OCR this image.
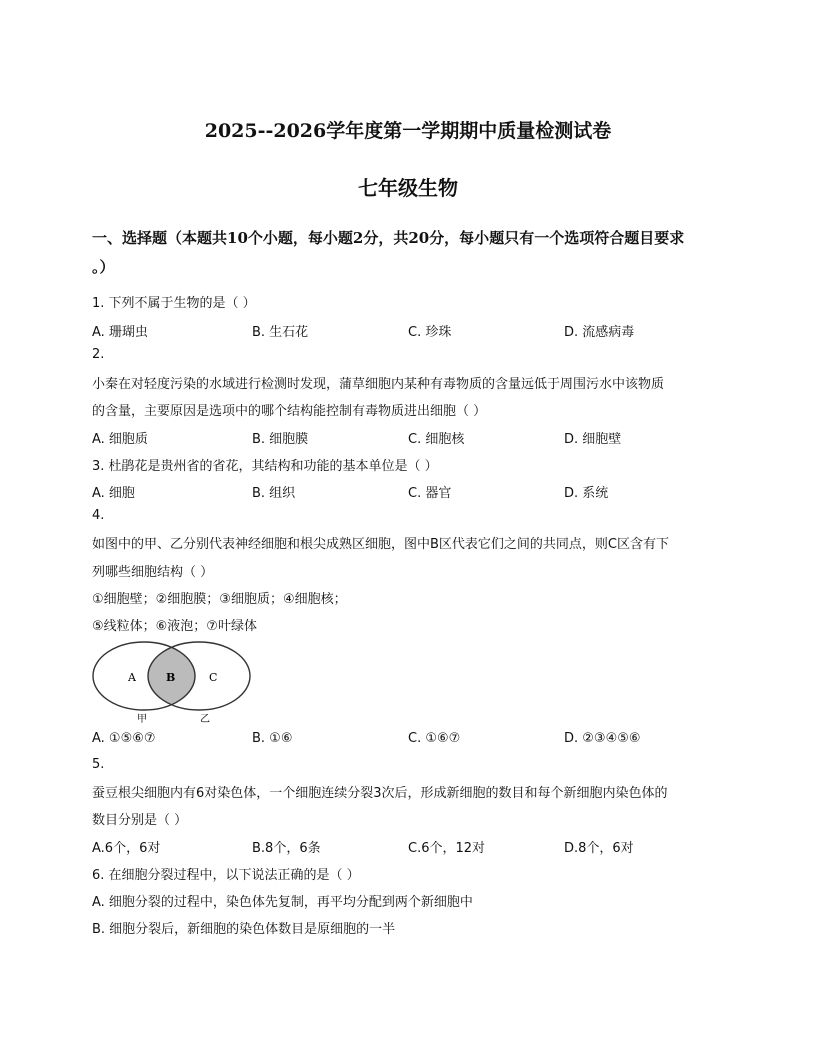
2025--2026学年度第一学期期中质量检测试卷
七年级生物
一、选择题（本题共10个小题，每小题2分，共20分，每小题只有一个选项符合题目要求
。）
1. 下列不属于生物的是（ ）
A. 珊瑚虫	B. 生石花	C. 珍珠	D. 流感病毒
2.
小秦在对轻度污染的水域进行检测时发现，蒲草细胞内某种有毒物质的含量远低于周围污水中该物质
的含量，主要原因是选项中的哪个结构能控制有毒物质进出细胞（ ）
A. 细胞质	B. 细胞膜	C. 细胞核	D. 细胞壁
3. 杜鹃花是贵州省的省花，其结构和功能的基本单位是（ ）
A. 细胞	B. 组织	C. 器官	D. 系统
4.
如图中的甲、乙分别代表神经细胞和根尖成熟区细胞，图中B区代表它们之间的共同点，则C区含有下
列哪些细胞结构（ ）
①细胞壁；②细胞膜；③细胞质；④细胞核；
⑤线粒体；⑥液泡；⑦叶绿体
A	B	C
甲	乙
A. ①⑤⑥⑦	B. ①⑥	C. ①⑥⑦	D. ②③④⑤⑥
5.
蚕豆根尖细胞内有6对染色体，一个细胞连续分裂3次后，形成新细胞的数目和每个新细胞内染色体的
数目分别是（ ）
A.6个，6对	B.8个，6条	C.6个，12对	D.8个，6对
6. 在细胞分裂过程中，以下说法正确的是（ ）
A. 细胞分裂的过程中，染色体先复制，再平均分配到两个新细胞中
B. 细胞分裂后，新细胞的染色体数目是原细胞的一半
